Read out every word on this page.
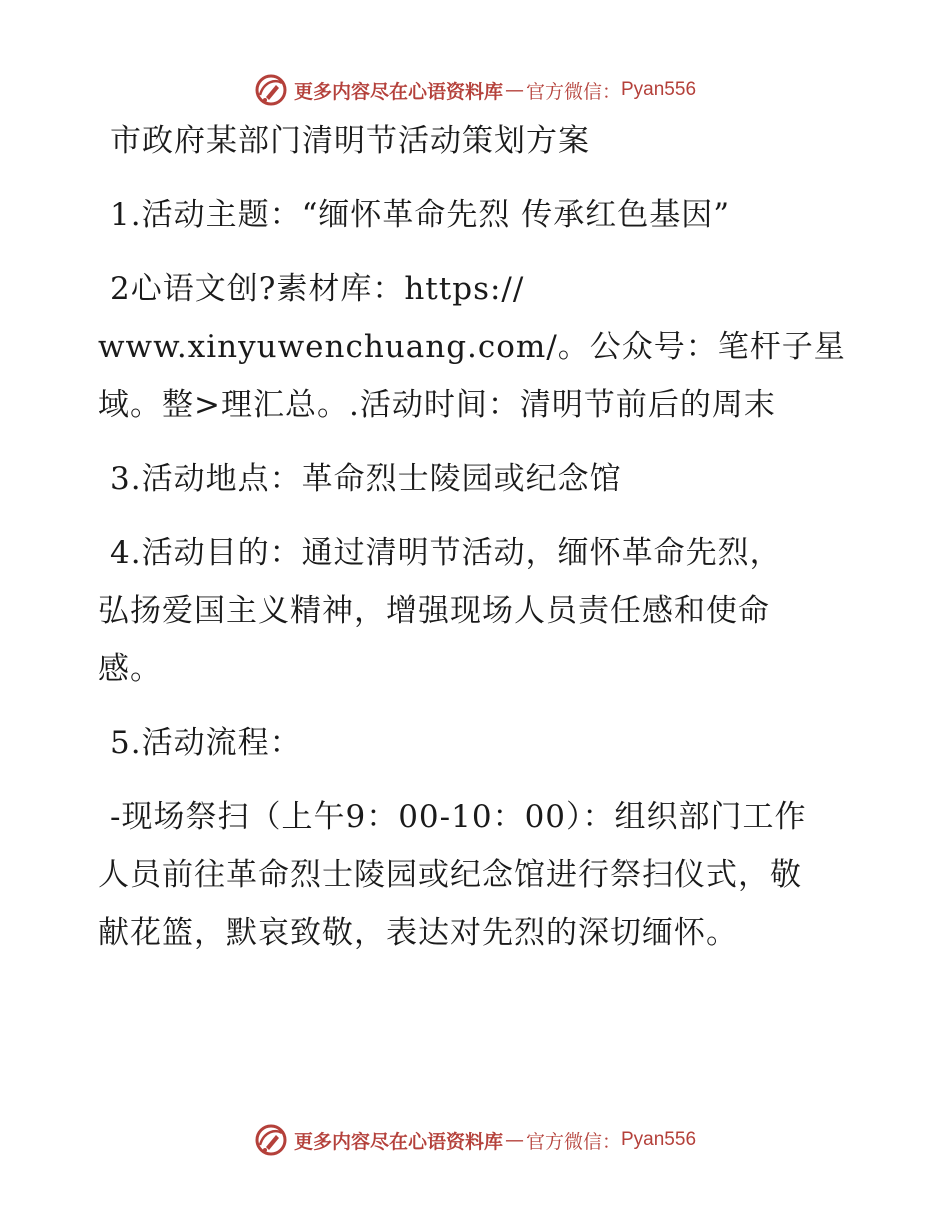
更多内容尽在心语资料库 — 官方微信： Pyan556
市政府某部门清明节活动策划方案
1.活动主题：“缅怀革命先烈 传承红色基因”
2心语文创?素材库：https://
www.xinyuwenchuang.com/。公众号：笔杆子星
域。整>理汇总。.活动时间：清明节前后的周末
3.活动地点：革命烈士陵园或纪念馆
4.活动目的：通过清明节活动，缅怀革命先烈，
弘扬爱国主义精神，增强现场人员责任感和使命
感。
5.活动流程：
-现场祭扫（上午9：00-10：00）：组织部门工作
人员前往革命烈士陵园或纪念馆进行祭扫仪式，敬
献花篮，默哀致敬，表达对先烈的深切缅怀。
更多内容尽在心语资料库 — 官方微信： Pyan556
